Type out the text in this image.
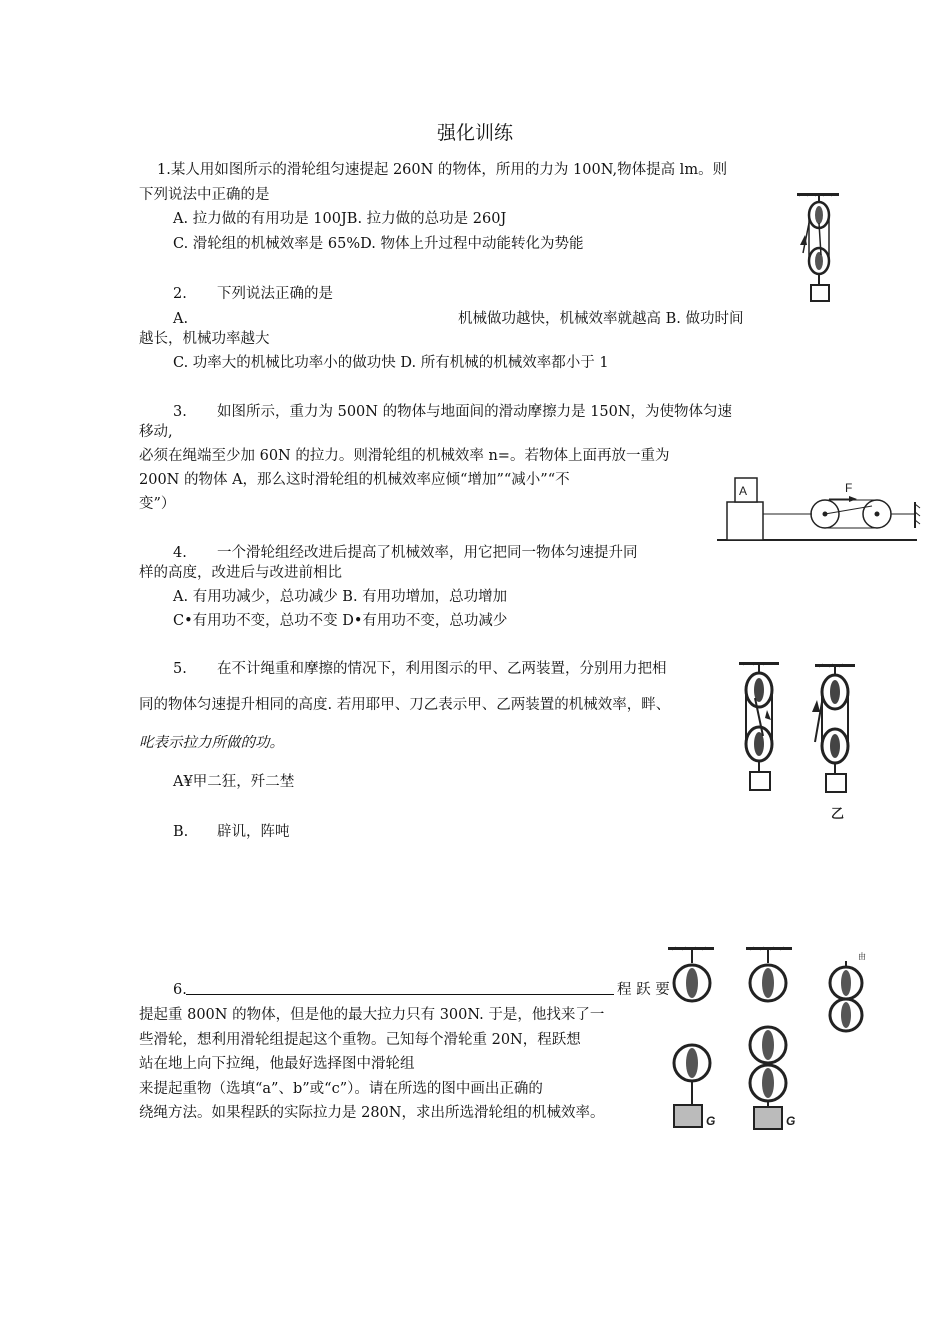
强化训练
1.某人用如图所示的滑轮组匀速提起 260N 的物体，所用的力为 100N,物体提高 lm。则
下列说法中正确的是
A. 拉力做的有用功是 100JB. 拉力做的总功是 260J
C. 滑轮组的机械效率是 65%D. 物体上升过程中动能转化为势能
2. 下列说法正确的是
A.	机械做功越快，机械效率就越高 B. 做功时间
越长，机械功率越大
C. 功率大的机械比功率小的做功快 D. 所有机械的机械效率都小于 1
3. 如图所示，重力为 500N 的物体与地面间的滑动摩擦力是 150N，为使物体匀速
移动,
必须在绳端至少加 60N 的拉力。则滑轮组的机械效率 n=。若物体上面再放一重为
200N 的物体 A，那么这时滑轮组的机械效率应倾“增加”“减小”“不
变”）
A	F
4. 一个滑轮组经改进后提高了机械效率，用它把同一物体匀速提升同
样的高度，改进后与改进前相比
A. 有用功减少，总功减少 B. 有用功增加，总功增加
C•有用功不变，总功不变 D•有用功不变，总功减少
5. 在不计绳重和摩擦的情况下，利用图示的甲、乙两装置，分别用力把相
同的物体匀速提升相同的高度. 若用耶甲、刀乙表示甲、乙两装置的机械效率，畔、
叱表示拉力所做的功。
A¥甲二狂，歼二埜
B. 辟讥，阵吨
乙
6.	程 跃 要
提起重 800N 的物体，但是他的最大拉力只有 300N. 于是，他找来了一
些滑轮，想利用滑轮组提起这个重物。己知每个滑轮重 20N，程跃想
站在地上向下拉绳，他最好选择图中滑轮组
来提起重物（选填“a”、b”或“c”）。请在所选的图中画出正确的
绕绳方法。如果程跃的实际拉力是 280N，求出所选滑轮组的机械效率。	G	G
由
